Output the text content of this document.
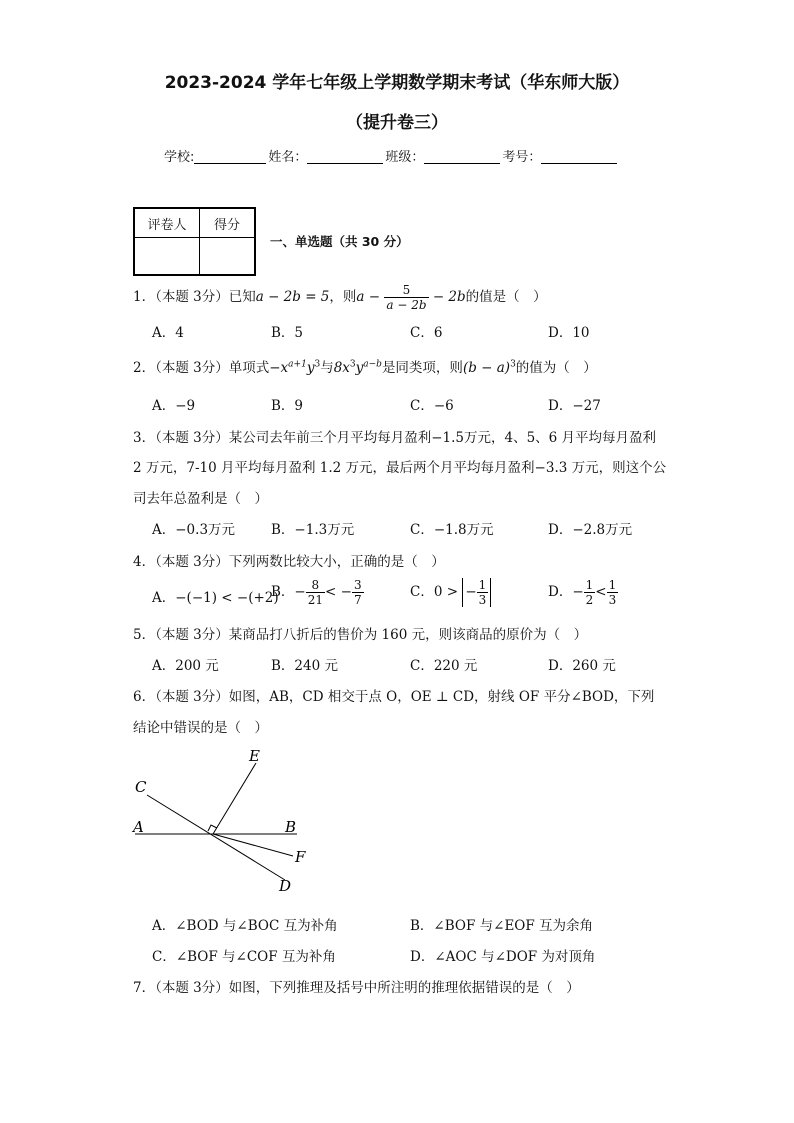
2023-2024 学年七年级上学期数学期末考试（华东师大版）
（提升卷三）
学校:	姓名：	班级：	考号：
评卷人	得分

一、单选题（共 30 分）
1．（本题 3分）已知a − 2b = 5，则$a - \frac{5}{a - 2b} - 2b$的值是（　）
A．4	B．5	C．6	D．10
2．（本题 3分）单项式$-x^{a+1}y^3$与$8x^3y^{a-b}$是同类项，则$(b - a)^3$的值为（　）
A．−9	B．9	C．−6	D．−27
3．（本题 3分）某公司去年前三个月平均每月盈利−1.5万元，4、5、6 月平均每月盈利
2 万元，7-10 月平均每月盈利 1.2 万元，最后两个月平均每月盈利−3.3 万元，则这个公
司去年总盈利是（　）
A．−0.3万元	B．−1.3万元	C．−1.8万元	D．−2.8万元
4．（本题 3分）下列两数比较大小，正确的是（　）
A．−(−1) < −(+2)
B．− $\frac{8}{21}$ < − $\frac{3}{7}$	C．0 > − $\frac{1}{3}$	D．− $\frac{1}{2} < \frac{1}{3}$
5．（本题 3分）某商品打八折后的售价为 160 元，则该商品的原价为（　）
A．200 元	B．240 元	C．220 元	D．260 元
6．（本题 3分）如图，AB，CD 相交于点 O，OE ⊥ CD，射线 OF 平分∠BOD，下列
结论中错误的是（　）
E
C
A	B
F
D
A．∠BOD 与∠BOC 互为补角	B．∠BOF 与∠EOF 互为余角
C．∠BOF 与∠COF 互为补角	D．∠AOC 与∠DOF 为对顶角
7．（本题 3分）如图，下列推理及括号中所注明的推理依据错误的是（　）
